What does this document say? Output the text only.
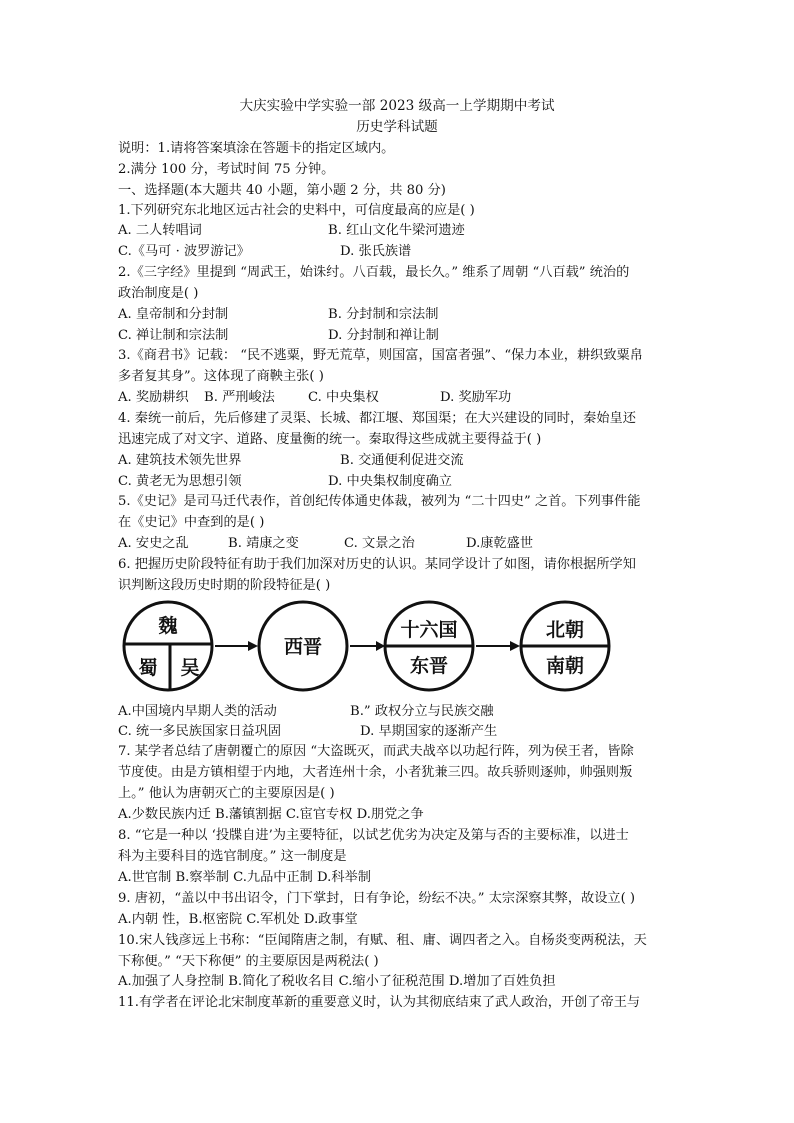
大庆实验中学实验一部 2023 级高一上学期期中考试
历史学科试题
说明：1.请将答案填涂在答题卡的指定区域内。
2.满分 100 分，考试时间 75 分钟。
一、选择题(本大题共 40 小题，第小题 2 分，共 80 分)
1.下列研究东北地区远古社会的史料中，可信度最高的应是( )
A. 二人转唱词	B. 红山文化牛梁河遗迹
C.《马可 · 波罗游记》	D. 张氏族谱
2.《三字经》里提到 “周武王，始诛纣。八百载，最长久。” 维系了周朝 “八百载” 统治的
政治制度是( )
A. 皇帝制和分封制	B. 分封制和宗法制
C. 禅让制和宗法制	D. 分封制和禅让制
3.《商君书》记载： “民不逃粟，野无荒草，则国富，国富者强”、“保力本业，耕织致粟帛
多者复其身”。这体现了商鞅主张( )
A. 奖励耕织 B. 严刑峻法	C. 中央集权	D. 奖励军功
4. 秦统一前后，先后修建了灵渠、长城、都江堰、郑国渠；在大兴建设的同时，秦始皇还
迅速完成了对文字、道路、度量衡的统一。秦取得这些成就主要得益于( )
A. 建筑技术领先世界	B. 交通便利促进交流
C. 黄老无为思想引领	D. 中央集权制度确立
5.《史记》是司马迁代表作，首创纪传体通史体裁，被列为 “二十四史” 之首。下列事件能
在《史记》中查到的是( )
A. 安史之乱	B. 靖康之变	C. 文景之治	D.康乾盛世
6. 把握历史阶段特征有助于我们加深对历史的认识。某同学设计了如图，请你根据所学知
识判断这段历史时期的阶段特征是( )
魏
蜀 吴
西晋
十六国
东晋
北朝
南朝
A.中国境内早期人类的活动	B.” 政权分立与民族交融
C. 统一多民族国家日益巩固	D. 早期国家的逐渐产生
7. 某学者总结了唐朝覆亡的原因 “大盗既灭，而武夫战卒以功起行阵，列为侯王者，皆除
节度使。由是方镇相望于内地，大者连州十余，小者犹兼三四。故兵骄则逐帅，帅强则叛
上。” 他认为唐朝灭亡的主要原因是( )
A.少数民族内迁 B.藩镇割据 C.宦官专权 D.朋党之争
8. “它是一种以 ‘投牒自进’为主要特征，以试艺优劣为决定及第与否的主要标准，以进士
科为主要科目的选官制度。” 这一制度是
A.世官制 B.察举制 C.九品中正制 D.科举制
9. 唐初，“盖以中书出诏令，门下掌封，日有争论，纷纭不决。” 太宗深察其弊，故设立( )
A.内朝 性，B.枢密院 C.军机处 D.政事堂
10.宋人钱彦远上书称：“臣闻隋唐之制，有赋、租、庸、调四者之入。自杨炎变两税法，天
下称便。” “天下称便” 的主要原因是两税法( )
A.加强了人身控制 B.简化了税收名目 C.缩小了征税范围 D.增加了百姓负担
11.有学者在评论北宋制度革新的重要意义时，认为其彻底结束了武人政治，开创了帝王与
